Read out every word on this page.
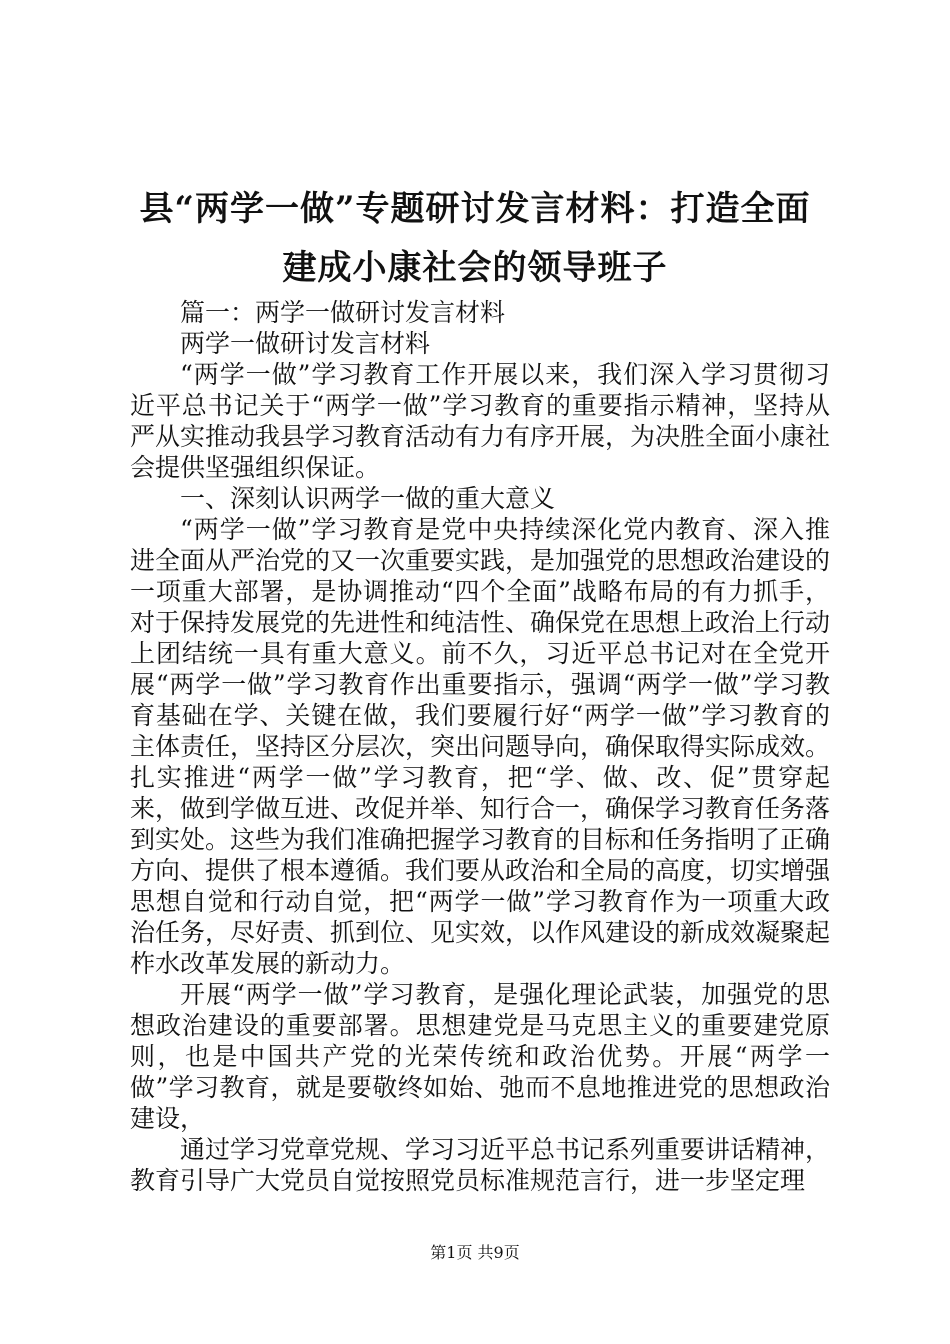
县“两学一做”专题研讨发言材料：打造全面
建成小康社会的领导班子

篇一：两学一做研讨发言材料

两学一做研讨发言材料

“两学一做”学习教育工作开展以来，我们深入学习贯彻习近平总书记关于“两学一做”学习教育的重要指示精神，坚持从严从实推动我县学习教育活动有力有序开展，为决胜全面小康社会提供坚强组织保证。

一、深刻认识两学一做的重大意义

“两学一做”学习教育是党中央持续深化党内教育、深入推进全面从严治党的又一次重要实践，是加强党的思想政治建设的一项重大部署，是协调推动“四个全面”战略布局的有力抓手，对于保持发展党的先进性和纯洁性、确保党在思想上政治上行动上团结统一具有重大意义。前不久，习近平总书记对在全党开展“两学一做”学习教育作出重要指示，强调“两学一做”学习教育基础在学、关键在做，我们要履行好“两学一做”学习教育的主体责任，坚持区分层次，突出问题导向，确保取得实际成效。扎实推进“两学一做”学习教育，把“学、做、改、促”贯穿起来，做到学做互进、改促并举、知行合一，确保学习教育任务落到实处。这些为我们准确把握学习教育的目标和任务指明了正确方向、提供了根本遵循。我们要从政治和全局的高度，切实增强思想自觉和行动自觉，把“两学一做”学习教育作为一项重大政治任务，尽好责、抓到位、见实效，以作风建设的新成效凝聚起柞水改革发展的新动力。

开展“两学一做”学习教育，是强化理论武装，加强党的思想政治建设的重要部署。思想建党是马克思主义的重要建党原则，也是中国共产党的光荣传统和政治优势。开展“两学一做”学习教育，就是要敬终如始、弛而不息地推进党的思想政治建设，

通过学习党章党规、学习习近平总书记系列重要讲话精神，教育引导广大党员自觉按照党员标准规范言行，进一步坚定理

第1页 共9页
